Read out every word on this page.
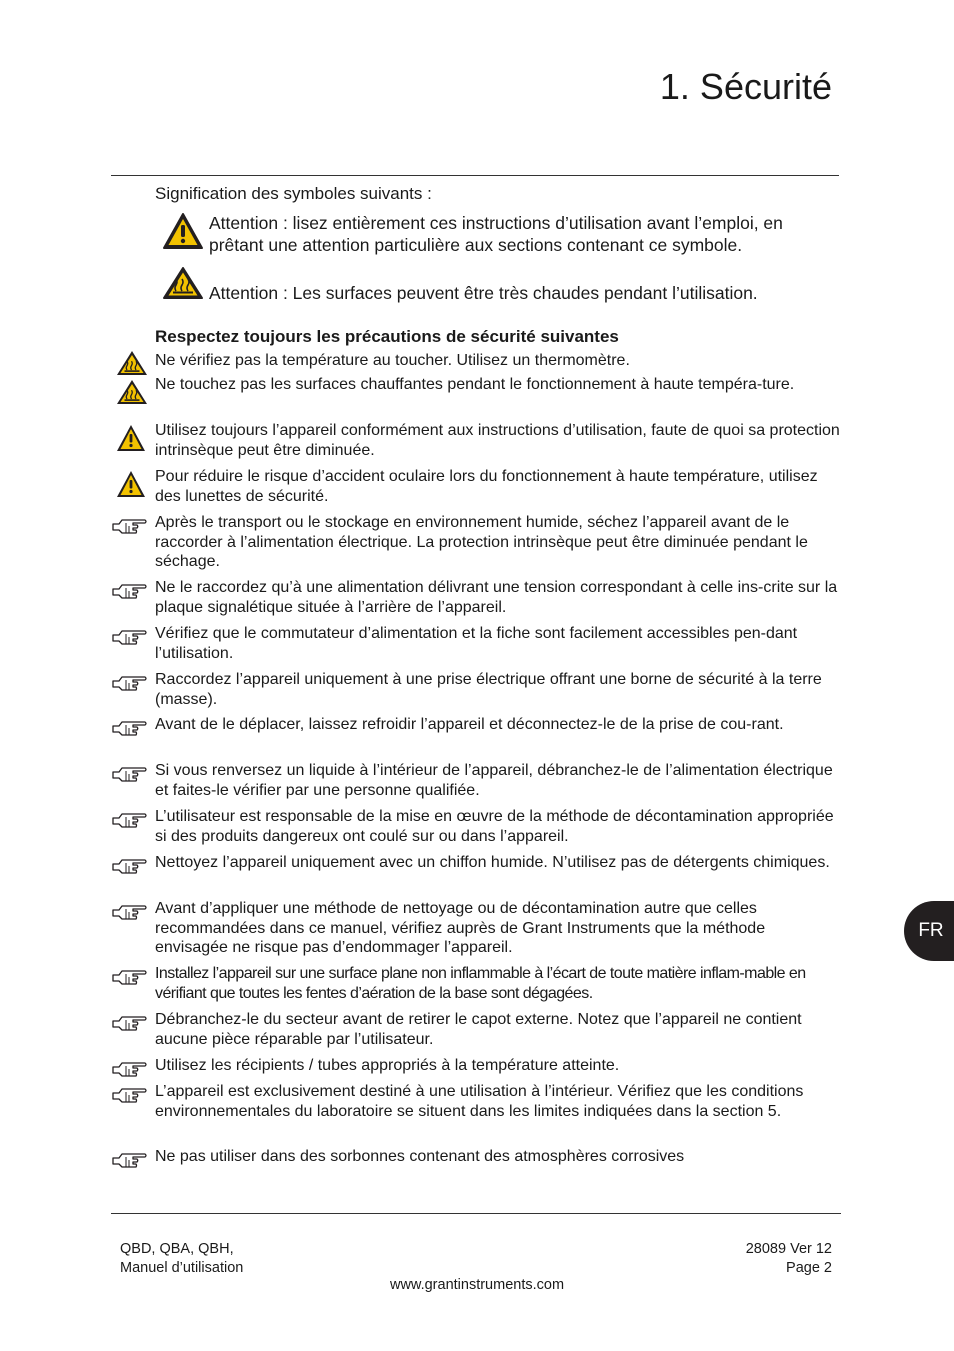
1. Sécurité
Signification des symboles suivants :
Attention : lisez entièrement ces instructions d’utilisation avant l’emploi, en prêtant une attention particulière aux sections contenant ce symbole.
Attention : Les surfaces peuvent être très chaudes pendant l’utilisation.
Respectez toujours les précautions de sécurité suivantes
Ne vérifiez pas la température au toucher. Utilisez un thermomètre.
Ne touchez pas les surfaces chauffantes pendant le fonctionnement à haute tempéra-ture.
Utilisez toujours l’appareil conformément aux instructions d’utilisation, faute de quoi sa protection intrinsèque peut être diminuée.
Pour réduire le risque d’accident oculaire lors du fonctionnement à haute température, utilisez des lunettes de sécurité.
Après le transport ou le stockage en environnement humide, séchez l’appareil avant de le raccorder à l’alimentation électrique. La protection intrinsèque peut être diminuée pendant le séchage.
Ne le raccordez qu’à une alimentation délivrant une tension correspondant à celle ins-crite sur la plaque signalétique située à l’arrière de l’appareil.
Vérifiez que le commutateur d’alimentation et la fiche sont facilement accessibles pen-dant l’utilisation.
Raccordez l’appareil uniquement à une prise électrique offrant une borne de sécurité à la terre (masse).
Avant de le déplacer, laissez refroidir l’appareil et déconnectez-le de la prise de cou-rant.
Si vous renversez un liquide à l’intérieur de l’appareil, débranchez-le de l’alimentation électrique et faites-le vérifier par une personne qualifiée.
L’utilisateur est responsable de la mise en œuvre de la méthode de décontamination appropriée si des produits dangereux ont coulé sur ou dans l’appareil.
Nettoyez l’appareil uniquement avec un chiffon humide. N’utilisez pas de détergents chimiques.
Avant d’appliquer une méthode de nettoyage ou de décontamination autre que celles recommandées dans ce manuel, vérifiez auprès de Grant Instruments que la méthode envisagée ne risque pas d’endommager l’appareil.
Installez l’appareil sur une surface plane non inflammable à l’écart de toute matière inflam-mable en vérifiant que toutes les fentes d’aération de la base sont dégagées.
Débranchez-le du secteur avant de retirer le capot externe. Notez que l’appareil ne contient aucune pièce réparable par l’utilisateur.
Utilisez les récipients / tubes appropriés à la température atteinte.
L’appareil est exclusivement destiné à une utilisation à l’intérieur. Vérifiez que les conditions environnementales du laboratoire se situent dans les limites indiquées dans la section 5.
Ne pas utiliser dans des sorbonnes contenant des atmosphères corrosives
FR
QBD, QBA, QBH,
Manuel d’utilisation
28089 Ver 12
Page 2
www.grantinstruments.com
